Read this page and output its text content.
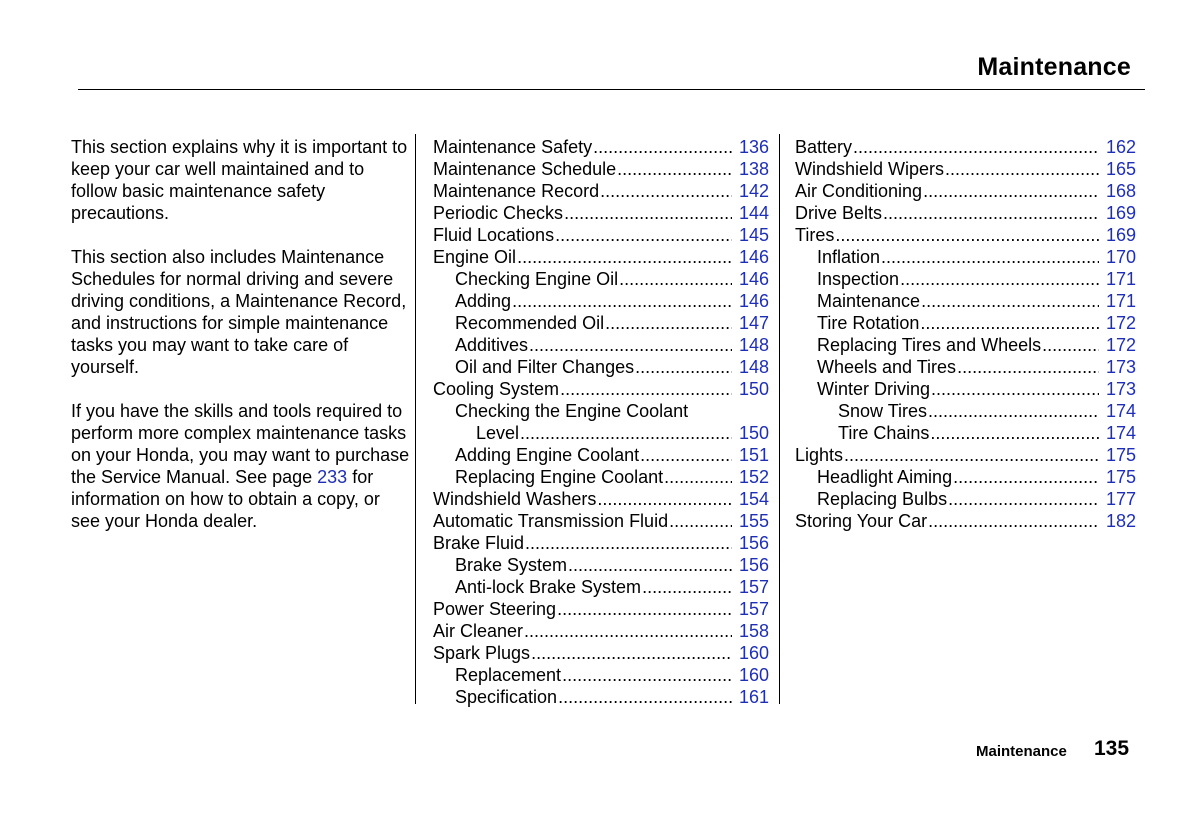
Maintenance

This section explains why it is important to keep your car well maintained and to follow basic maintenance safety precautions.

This section also includes Maintenance Schedules for normal driving and severe driving conditions, a Maintenance Record, and instructions for simple maintenance tasks you may want to take care of yourself.

If you have the skills and tools required to perform more complex maintenance tasks on your Honda, you may want to purchase the Service Manual. See page 233 for information on how to obtain a copy, or see your Honda dealer.

Maintenance Safety .....	136
Maintenance Schedule .....	138
Maintenance Record .....	142
Periodic Checks .....	144
Fluid Locations .....	145
Engine Oil .....	146
Checking Engine Oil .....	146
Adding .....	146
Recommended Oil .....	147
Additives .....	148
Oil and Filter Changes .....	148
Cooling System .....	150
Checking the Engine Coolant
Level .....	150
Adding Engine Coolant .....	151
Replacing Engine Coolant .....	152
Windshield Washers .....	154
Automatic Transmission Fluid .....	155
Brake Fluid .....	156
Brake System .....	156
Anti-lock Brake System .....	157
Power Steering .....	157
Air Cleaner .....	158
Spark Plugs .....	160
Replacement .....	160
Specification .....	161
Battery .....	162
Windshield Wipers .....	165
Air Conditioning .....	168
Drive Belts .....	169
Tires .....	169
Inflation .....	170
Inspection .....	171
Maintenance .....	171
Tire Rotation .....	172
Replacing Tires and Wheels .....	172
Wheels and Tires .....	173
Winter Driving .....	173
Snow Tires .....	174
Tire Chains .....	174
Lights .....	175
Headlight Aiming .....	175
Replacing Bulbs .....	177
Storing Your Car .....	182
Maintenance 135
